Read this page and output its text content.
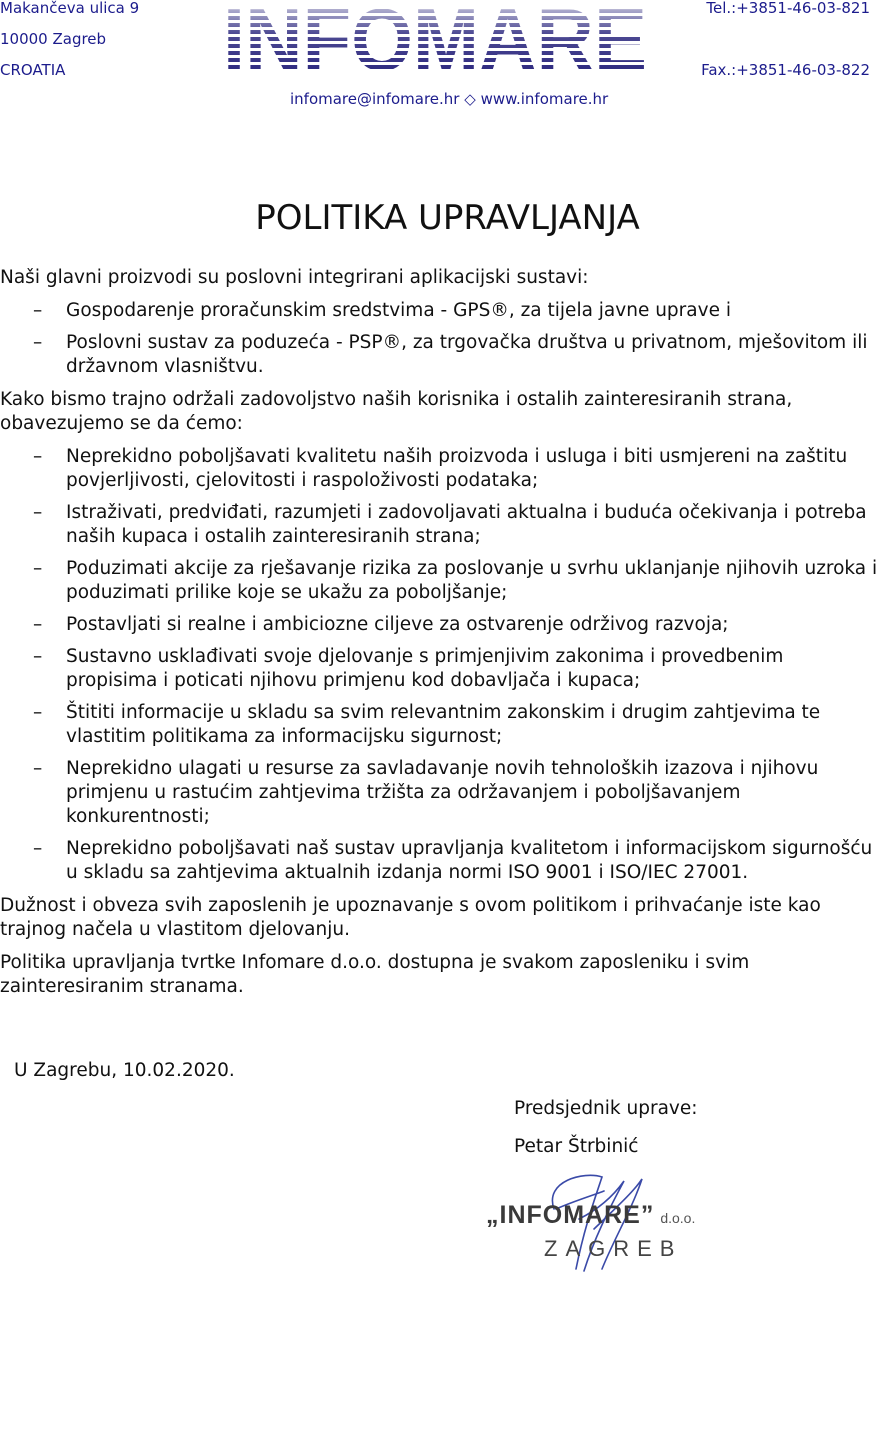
Makančeva ulica 9
10000 Zagreb
CROATIA
Tel.:+3851-46-03-821
Fax.:+3851-46-03-822
infomare@infomare.hr ◇ www.infomare.hr
POLITIKA UPRAVLJANJA

Naši glavni proizvodi su poslovni integrirani aplikacijski sustavi:

– Gospodarenje proračunskim sredstvima - GPS®, za tijela javne uprave i
– Poslovni sustav za poduzeća - PSP®, za trgovačka društva u privatnom, mješovitom ili državnom vlasništvu.

Kako bismo trajno održali zadovoljstvo naših korisnika i ostalih zainteresiranih strana, obavezujemo se da ćemo:

– Neprekidno poboljšavati kvalitetu naših proizvoda i usluga i biti usmjereni na zaštitu povjerljivosti, cjelovitosti i raspoloživosti podataka;
– Istraživati, predviđati, razumjeti i zadovoljavati aktualna i buduća očekivanja i potreba naših kupaca i ostalih zainteresiranih strana;
– Poduzimati akcije za rješavanje rizika za poslovanje u svrhu uklanjanje njihovih uzroka i poduzimati prilike koje se ukažu za poboljšanje;
– Postavljati si realne i ambiciozne ciljeve za ostvarenje održivog razvoja;
– Sustavno usklađivati svoje djelovanje s primjenjivim zakonima i provedbenim propisima i poticati njihovu primjenu kod dobavljača i kupaca;
– Štititi informacije u skladu sa svim relevantnim zakonskim i drugim zahtjevima te vlastitim politikama za informacijsku sigurnost;
– Neprekidno ulagati u resurse za savladavanje novih tehnoloških izazova i njihovu primjenu u rastućim zahtjevima tržišta za održavanjem i poboljšavanjem konkurentnosti;
– Neprekidno poboljšavati naš sustav upravljanja kvalitetom i informacijskom sigurnošću u skladu sa zahtjevima aktualnih izdanja normi ISO 9001 i ISO/IEC 27001.

Dužnost i obveza svih zaposlenih je upoznavanje s ovom politikom i prihvaćanje iste kao trajnog načela u vlastitom djelovanju.

Politika upravljanja tvrtke Infomare d.o.o. dostupna je svakom zaposleniku i svim zainteresiranim stranama.

U Zagrebu, 10.02.2020.
Predsjednik uprave:
Petar Štrbinić
„INFOMARE” d.o.o.
ZAGREB
